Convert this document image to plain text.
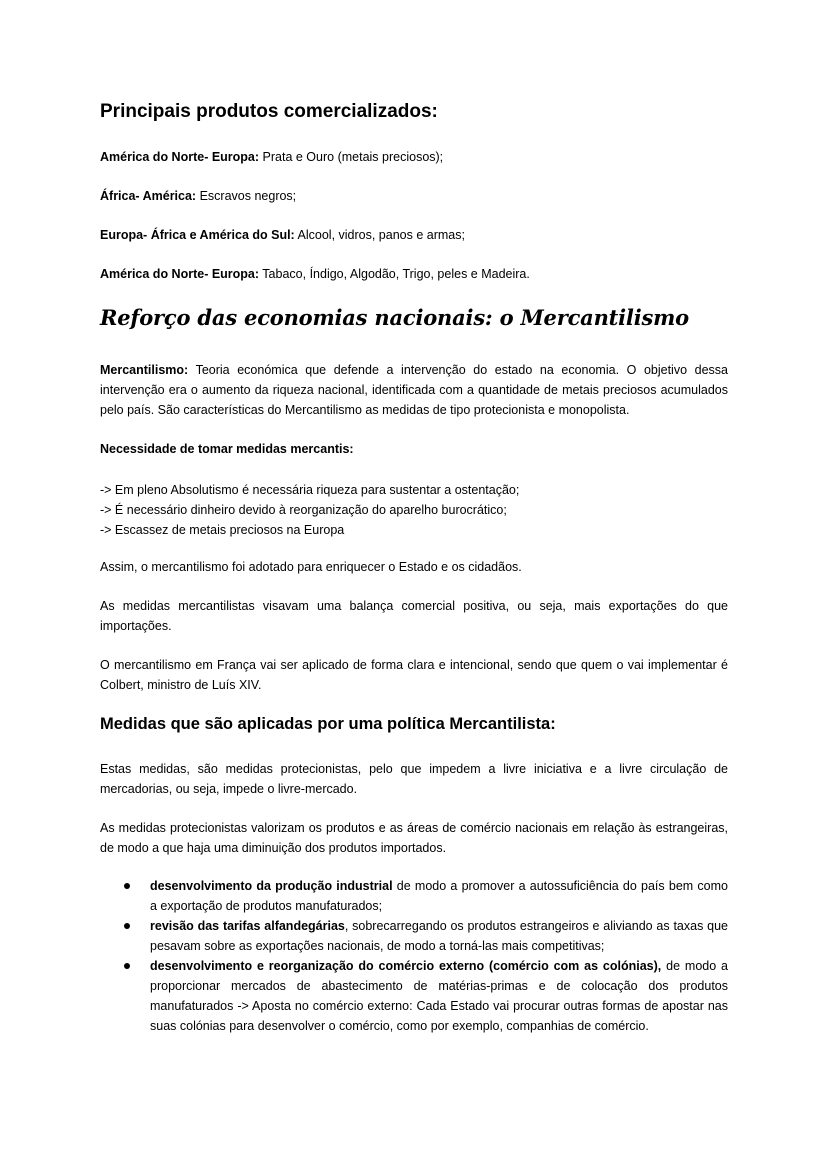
Principais produtos comercializados:
América do Norte- Europa: Prata e Ouro (metais preciosos);
África- América: Escravos negros;
Europa- África e América do Sul: Alcool, vidros, panos e armas;
América do Norte- Europa: Tabaco, Índigo, Algodão, Trigo, peles e Madeira.
Reforço das economias nacionais: o Mercantilismo
Mercantilismo: Teoria económica que defende a intervenção do estado na economia. O objetivo dessa intervenção era o aumento da riqueza nacional, identificada com a quantidade de metais preciosos acumulados pelo país. São características do Mercantilismo as medidas de tipo protecionista e monopolista.
Necessidade de tomar medidas mercantis:
-> Em pleno Absolutismo é necessária riqueza para sustentar a ostentação;
-> É necessário dinheiro devido à reorganização do aparelho burocrático;
-> Escassez de metais preciosos na Europa
Assim, o mercantilismo foi adotado para enriquecer o Estado e os cidadãos.
As medidas mercantilistas visavam uma balança comercial positiva, ou seja, mais exportações do que importações.
O mercantilismo em França vai ser aplicado de forma clara e intencional, sendo que quem o vai implementar é Colbert, ministro de Luís XIV.
Medidas que são aplicadas por uma política Mercantilista:
Estas medidas, são medidas protecionistas, pelo que impedem a livre iniciativa e a livre circulação de mercadorias, ou seja, impede o livre-mercado.
As medidas protecionistas valorizam os produtos e as áreas de comércio nacionais em relação às estrangeiras, de modo a que haja uma diminuição dos produtos importados.
desenvolvimento da produção industrial de modo a promover a autossuficiência do país bem como a exportação de produtos manufaturados;
revisão das tarifas alfandegárias, sobrecarregando os produtos estrangeiros e aliviando as taxas que pesavam sobre as exportações nacionais, de modo a torná-las mais competitivas;
desenvolvimento e reorganização do comércio externo (comércio com as colónias), de modo a proporcionar mercados de abastecimento de matérias-primas e de colocação dos produtos manufaturados -> Aposta no comércio externo: Cada Estado vai procurar outras formas de apostar nas suas colónias para desenvolver o comércio, como por exemplo, companhias de comércio.
